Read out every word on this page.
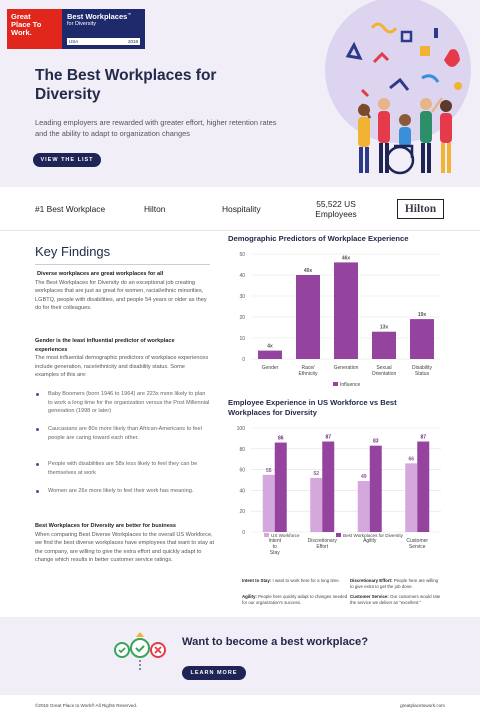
Great Place To Work.
Best Workplaces™
for Diversity
USA	2018
The Best Workplaces for Diversity
Leading employers are rewarded with greater effort, higher retention rates and the ability to adapt to organization changes
VIEW THE LIST
#1 Best Workplace	Hilton	Hospitality	55,522 US Employees	Hilton
Key Findings
Diverse workplaces are great workplaces for all
The Best Workplaces for Diversity do an exceptional job creating workplaces that are just as great for women, racial/ethnic minorities, LGBTQ, people with disabilities, and people 54 years or older as they do for their colleagues.
Gender is the least influential predictor of workplace experiences
The most influential demographic predictors of workplace experiences include generation, race/ethnicity and disability status. Some examples of this are:
Baby Boomers (born 1946 to 1964) are 223x more likely to plan to work a long time for the organization versus the Post Millennial generation (1998 or later)
Caucasians are 80x more likely than African-Americans to feel people are caring toward each other.
People with disabilities are 58x less likely to feel they can be themselves at work
Women are 26x more likely to feel their work has meaning.
Best Workplaces for Diversity are better for business
When comparing Best Diverse Workplaces to the overall US Workforce, we find the best diverse workplaces have employees that want to stay at the company, are willing to give the extra effort and quickly adapt to change which results in better customer service ratings.
Demographic Predictors of Workplace Experience
0
10
20
30
40
50
4x
Gender
40x
Race/ Ethnicity
46x
Generation
13x
Sexual Orientation
19x
Disability Status
Influence
Employee Experience in US Workforce vs Best Workplaces for Diversity
0
20
40
60
80
100
55
86
Intent to Stay
52
87
Discretionary Effort
49
83
Agility
66
87
Customer Service
US Workforce	Best Workplaces for Diversity
Intent to Stay: I want to work here for a long time.	Discretionary Effort: People here are willing to give extra to get the job done.
Agility: People here quickly adapt to changes needed for our organization's success.
Customer Service: Our customers would rate the service we deliver as "excellent."
Want to become a best workplace?
LEARN MORE
©2018 Great Place to Work® All Rights Reserved.	greatplacetowork.com
